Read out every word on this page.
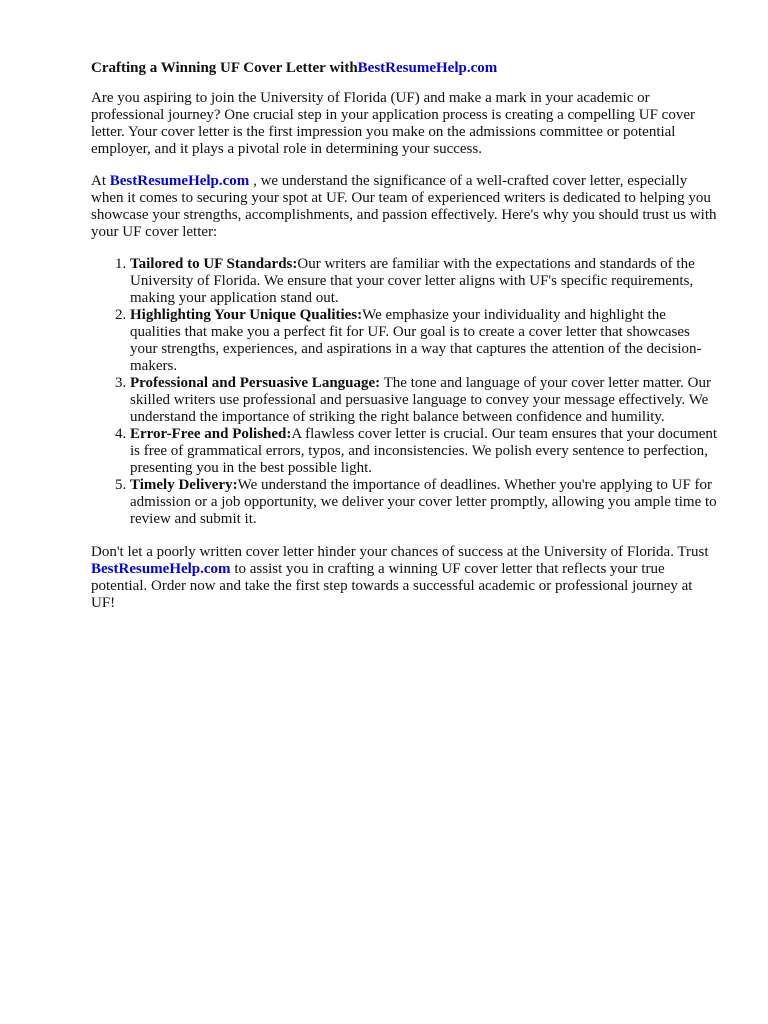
Crafting a Winning UF Cover Letter withBestResumeHelp.com

Are you aspiring to join the University of Florida (UF) and make a mark in your academic or professional journey? One crucial step in your application process is creating a compelling UF cover letter. Your cover letter is the first impression you make on the admissions committee or potential employer, and it plays a pivotal role in determining your success.

At BestResumeHelp.com , we understand the significance of a well-crafted cover letter, especially when it comes to securing your spot at UF. Our team of experienced writers is dedicated to helping you showcase your strengths, accomplishments, and passion effectively. Here's why you should trust us with your UF cover letter:

1. Tailored to UF Standards:Our writers are familiar with the expectations and standards of the University of Florida. We ensure that your cover letter aligns with UF's specific requirements, making your application stand out.
2. Highlighting Your Unique Qualities:We emphasize your individuality and highlight the qualities that make you a perfect fit for UF. Our goal is to create a cover letter that showcases your strengths, experiences, and aspirations in a way that captures the attention of the decision-makers.
3. Professional and Persuasive Language: The tone and language of your cover letter matter. Our skilled writers use professional and persuasive language to convey your message effectively. We understand the importance of striking the right balance between confidence and humility.
4. Error-Free and Polished:A flawless cover letter is crucial. Our team ensures that your document is free of grammatical errors, typos, and inconsistencies. We polish every sentence to perfection, presenting you in the best possible light.
5. Timely Delivery:We understand the importance of deadlines. Whether you're applying to UF for admission or a job opportunity, we deliver your cover letter promptly, allowing you ample time to review and submit it.

Don't let a poorly written cover letter hinder your chances of success at the University of Florida. Trust BestResumeHelp.com to assist you in crafting a winning UF cover letter that reflects your true potential. Order now and take the first step towards a successful academic or professional journey at UF!
